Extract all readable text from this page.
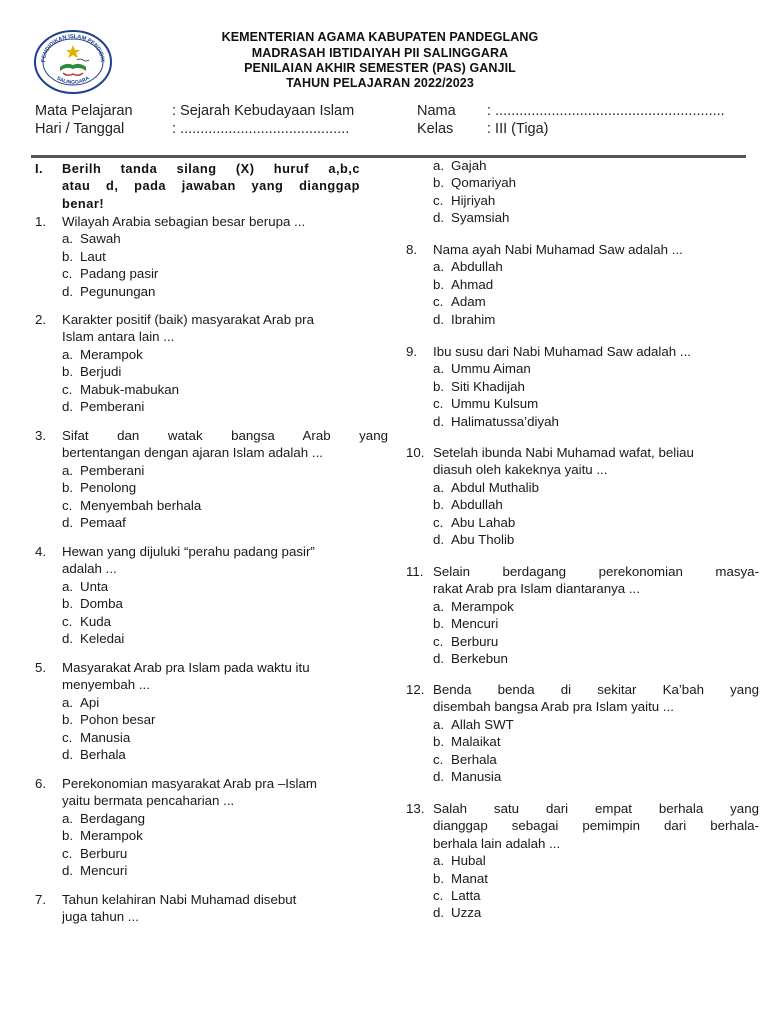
PENDIDIKAN ISLAM PENDIDIK
SALINGGARA
KEMENTERIAN AGAMA KABUPATEN PANDEGLANG
MADRASAH IBTIDAIYAH PII SALINGGARA
PENILAIAN AKHIR SEMESTER (PAS) GANJIL
TAHUN PELAJARAN 2022/2023
Mata Pelajaran	: Sejarah Kebudayaan Islam
Hari / Tanggal	: ..........................................
Nama : .........................................................
Kelas : III (Tiga)
I. Berilh tanda silang (X) huruf a,b,c
atau d, pada jawaban yang dianggap
benar!
1. Wilayah Arabia sebagian besar berupa ...
a. Sawah
b. Laut
c. Padang pasir
d. Pegunungan
2. Karakter positif (baik) masyarakat Arab pra
Islam antara lain ...
a. Merampok
b. Berjudi
c. Mabuk-mabukan
d. Pemberani
3. Sifat dan watak bangsa Arab yang
bertentangan dengan ajaran Islam adalah ...
a. Pemberani
b. Penolong
c. Menyembah berhala
d. Pemaaf
4. Hewan yang dijuluki “perahu padang pasir”
adalah ...
a. Unta
b. Domba
c. Kuda
d. Keledai
5. Masyarakat Arab pra Islam pada waktu itu
menyembah ...
a. Api
b. Pohon besar
c. Manusia
d. Berhala
6. Perekonomian masyarakat Arab pra –Islam
yaitu bermata pencaharian ...
a. Berdagang
b. Merampok
c. Berburu
d. Mencuri
a. Gajah
b. Qomariyah
c. Hijriyah
d. Syamsiah
7. Tahun kelahiran Nabi Muhamad disebut
juga tahun ...
8. Nama ayah Nabi Muhamad Saw adalah ...
a. Abdullah
b. Ahmad
c. Adam
d. Ibrahim
9. Ibu susu dari Nabi Muhamad Saw adalah ...
a. Ummu Aiman
b. Siti Khadijah
c. Ummu Kulsum
d. Halimatussa’diyah
10. Setelah ibunda Nabi Muhamad wafat, beliau
diasuh oleh kakeknya yaitu ...
a. Abdul Muthalib
b. Abdullah
c. Abu Lahab
d. Abu Tholib
11. Selain berdagang perekonomian masya-
rakat Arab pra Islam diantaranya ...
a. Merampok
b. Mencuri
c. Berburu
d. Berkebun
12. Benda benda di sekitar Ka’bah yang
disembah bangsa Arab pra Islam yaitu ...
a. Allah SWT
b. Malaikat
c. Berhala
d. Manusia
13. Salah satu dari empat berhala yang
dianggap sebagai pemimpin dari berhala-
berhala lain adalah ...
a. Hubal
b. Manat
c. Latta
d. Uzza
